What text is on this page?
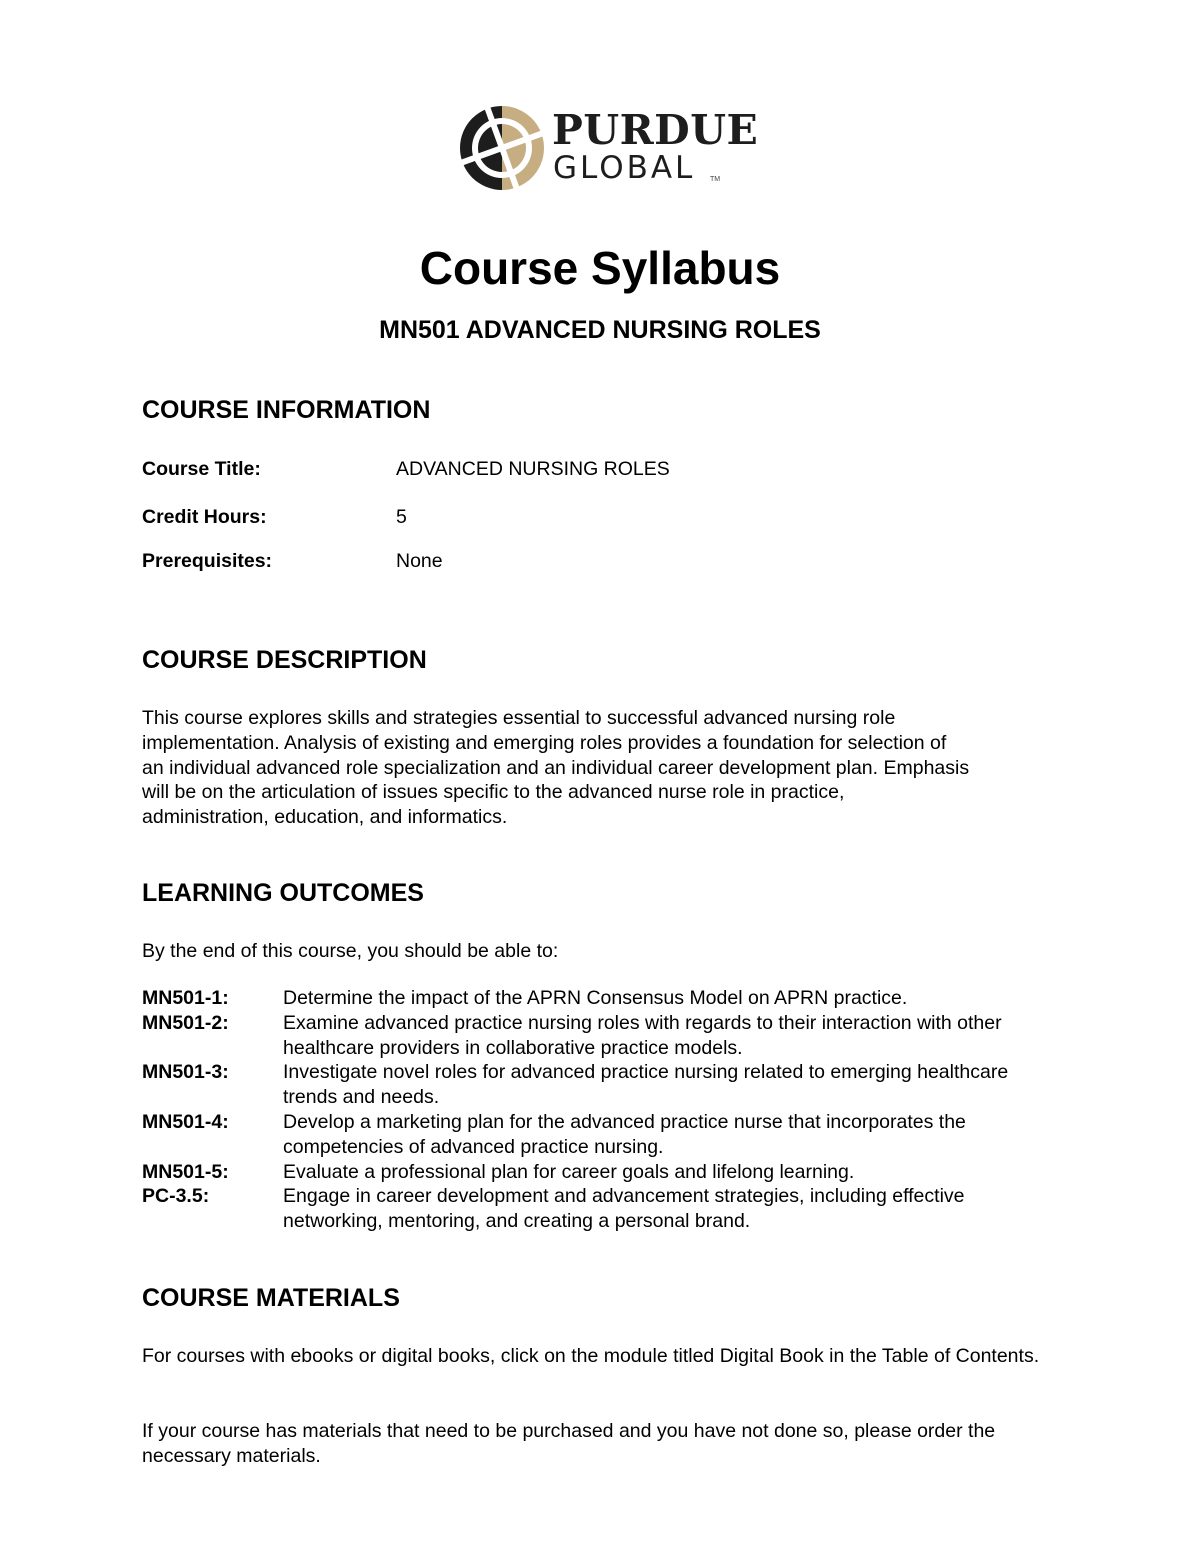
PURDUE
GLOBAL TM
Course Syllabus
MN501 ADVANCED NURSING ROLES
COURSE INFORMATION
Course Title:	ADVANCED NURSING ROLES
Credit Hours:	5
Prerequisites:	None
COURSE DESCRIPTION
This course explores skills and strategies essential to successful advanced nursing role
implementation. Analysis of existing and emerging roles provides a foundation for selection of
an individual advanced role specialization and an individual career development plan. Emphasis
will be on the articulation of issues specific to the advanced nurse role in practice,
administration, education, and informatics.
LEARNING OUTCOMES

By the end of this course, you should be able to:

MN501-1:	Determine the impact of the APRN Consensus Model on APRN practice.
MN501-2:	Examine advanced practice nursing roles with regards to their interaction with other healthcare providers in collaborative practice models.
MN501-3:	Investigate novel roles for advanced practice nursing related to emerging healthcare trends and needs.
MN501-4:	Develop a marketing plan for the advanced practice nurse that incorporates the competencies of advanced practice nursing.
MN501-5:	Evaluate a professional plan for career goals and lifelong learning.
PC-3.5:	Engage in career development and advancement strategies, including effective networking, mentoring, and creating a personal brand.
COURSE MATERIALS

For courses with ebooks or digital books, click on the module titled Digital Book in the Table of Contents.

If your course has materials that need to be purchased and you have not done so, please order the necessary materials.
